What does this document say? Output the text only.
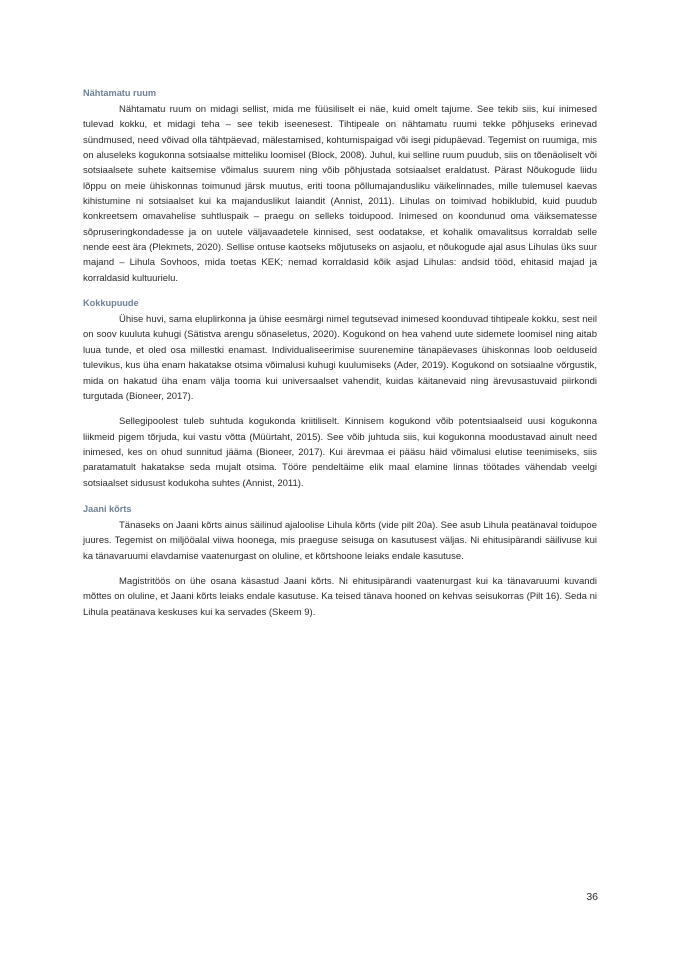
Nähtamatu ruum

Nähtamatu ruum on midagi sellist, mida me füüsiliselt ei näe, kuid omelt tajume. See tekib siis, kui inimesed tulevad kokku, et midagi teha – see tekib iseenesest. Tihtipeale on nähtamatu ruumi tekke põhjuseks erinevad sündmused, need võivad olla tähtpäevad, mälestamised, kohtumispaigad või isegi pidupäevad. Tegemist on ruumiga, mis on aluseleks kogukonna sotsiaalse mitteliku loomisel (Block, 2008). Juhul, kui selline ruum puudub, siis on tõenäoliselt või sotsiaalsete suhete kaitsemise võimalus suurem ning võib põhjustada sotsiaalset eraldatust. Pärast Nõukogude liidu lõppu on meie ühiskonnas toimunud järsk muutus, eriti toona põllumajandusliku väikelinnades, mille tulemusel kaevas kihistumine ni sotsiaalset kui ka majanduslikut laiandit (Annist, 2011). Lihulas on toimivad hobiklubid, kuid puudub konkreetsem omavahelise suhtluspaik – praegu on selleks toidupood. Inimesed on koondunud oma väiksematesse sõpruseringkondadesse ja on uutele väljavaadetele kinnised, sest oodatakse, et kohalik omavalitsus korraldab selle nende eest ära (Plekmets, 2020). Sellise ontuse kaotseks mõjutuseks on asjaolu, et nõukogude ajal asus Lihulas üks suur majand – Lihula Sovhoos, mida toetas KEK; nemad korraldasid kõik asjad Lihulas: andsid tööd, ehitasid majad ja korraldasid kultuurielu.

Kokkupuude

Ühise huvi, sama eluplirkonna ja ühise eesmärgi nimel tegutsevad inimesed koonduvad tihtipeale kokku, sest neil on soov kuuluta kuhugi (Sätistva arengu sõnaseletus, 2020). Kogukond on hea vahend uute sidemete loomisel ning aitab luua tunde, et oled osa millestki enamast. Individualiseerimise suurenemine tänapäevases ühiskonnas loob oelduseid tulevikus, kus üha enam hakatakse otsima võimalusi kuhugi kuulumiseks (Ader, 2019). Kogukond on sotsiaalne võrgustik, mida on hakatud üha enam välja tooma kui universaalset vahendit, kuidas käitanevaid ning ärevusastuvaid piirkondi turgutada (Bioneer, 2017).

Sellegipoolest tuleb suhtuda kogukonda kriitiliselt. Kinnisem kogukond võib potentsiaalseid uusi kogukonna liikmeid pigem tõrjuda, kui vastu võtta (Müürtaht, 2015). See võib juhtuda siis, kui kogukonna moodustavad ainult need inimesed, kes on ohud sunnitud jääma (Bioneer, 2017). Kui ärevmaa ei pääsu häid võimalusi elutise teenimiseks, siis paratamatult hakatakse seda mujalt otsima. Tööre pendeltäime elik maal elamine linnas töötades vähendab veelgi sotsiaalset sidusust kodukoha suhtes (Annist, 2011).

Jaani kõrts

Tänaseks on Jaani kõrts ainus säilinud ajaloolise Lihula kõrts (vide pilt 20a). See asub Lihula peatänaval toidupoe juures. Tegemist on miljööalal viiwa hoonega, mis praeguse seisuga on kasutusest väljas. Ni ehitusipärandi säilivuse kui ka tänavaruumi elavdamise vaatenurgast on oluline, et kõrtshoone leiaks endale kasutuse.

Magistritöös on ühe osana käsastud Jaani kõrts. Ni ehitusipärandi vaatenurgast kui ka tänavaruumi kuvandi mõttes on oluline, et Jaani kõrts leiaks endale kasutuse. Ka teised tänava hooned on kehvas seisukorras (Pilt 16). Seda ni Lihula peatänava keskuses kui ka servades (Skeem 9).

36
